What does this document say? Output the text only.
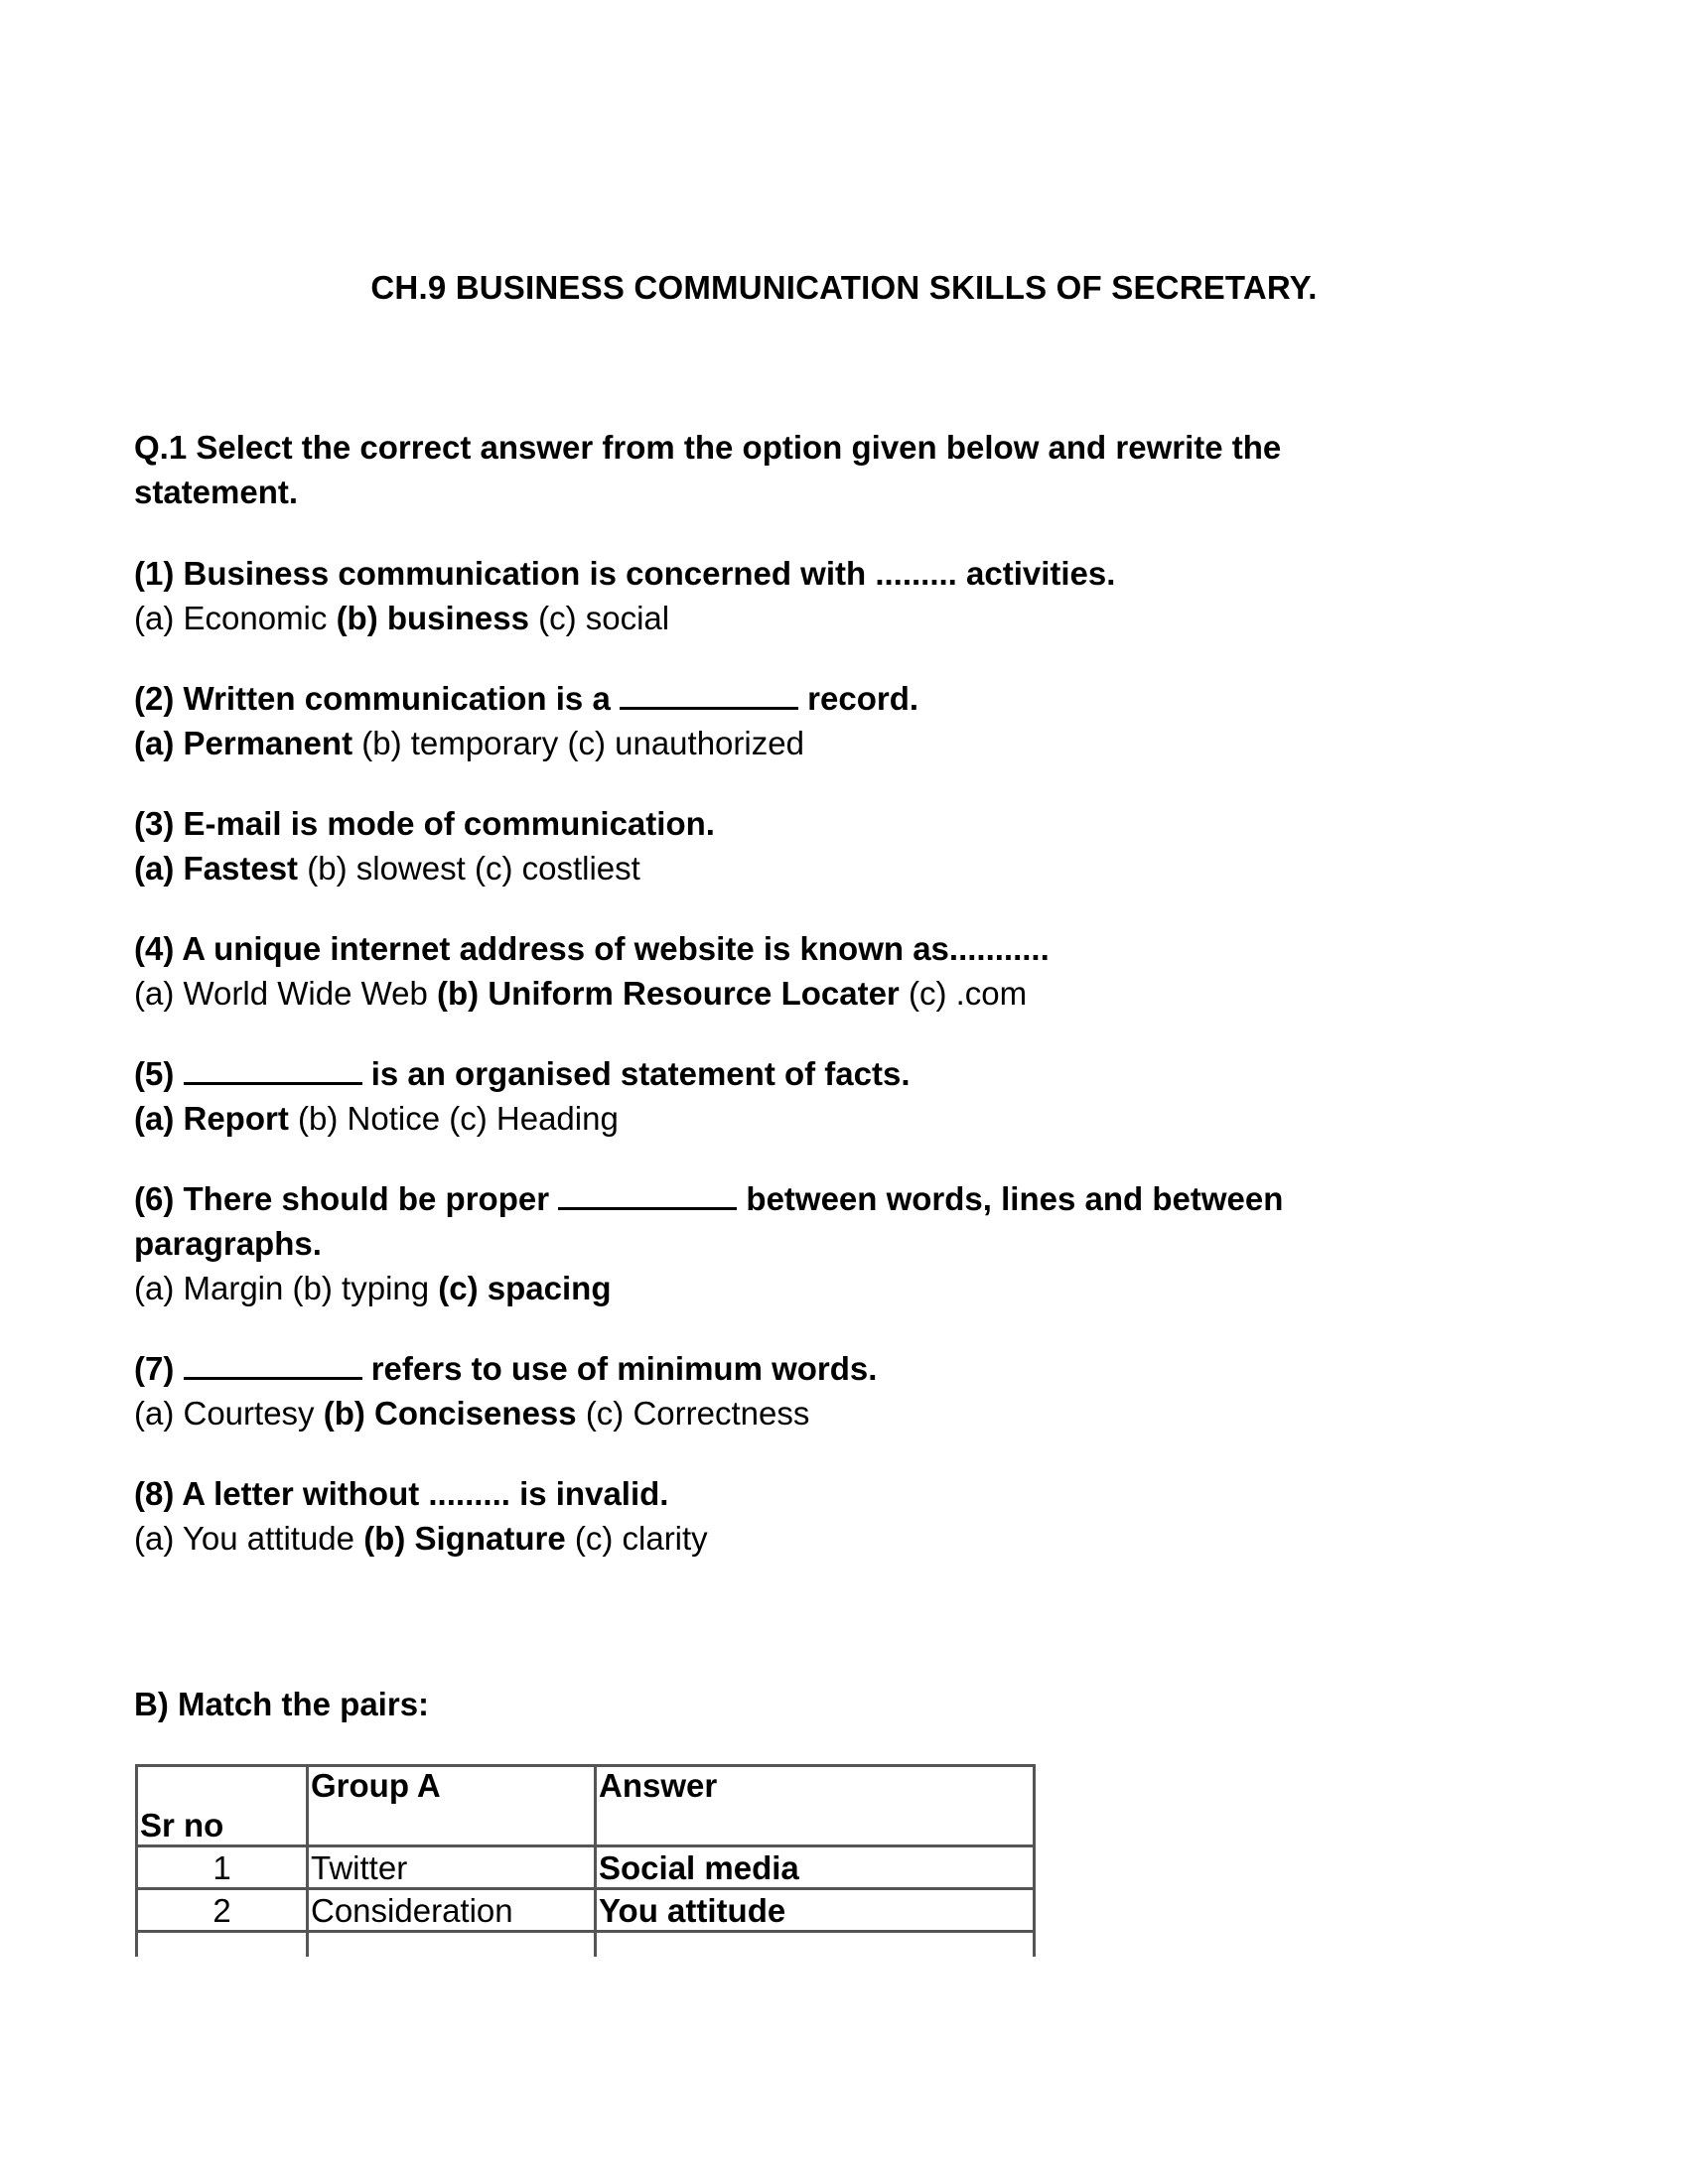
CH.9 BUSINESS COMMUNICATION SKILLS OF SECRETARY.
Q.1 Select the correct answer from the option given below and rewrite the
statement.
(1) Business communication is concerned with ......... activities.
(a) Economic (b) business (c) social
(2) Written communication is a	record.
(a) Permanent (b) temporary (c) unauthorized
(3) E-mail is mode of communication.
(a) Fastest (b) slowest (c) costliest
(4) A unique internet address of website is known as...........
(a) World Wide Web (b) Uniform Resource Locater (c) .com
(5)	is an organised statement of facts.
(a) Report (b) Notice (c) Heading
(6) There should be proper	between words, lines and between
paragraphs.
(a) Margin (b) typing (c) spacing
(7)	refers to use of minimum words.
(a) Courtesy (b) Conciseness (c) Correctness
(8) A letter without ......... is invalid.
(a) You attitude (b) Signature (c) clarity
B) Match the pairs:
Sr no	Group A	Answer
1	Twitter	Social media
2	Consideration	You attitude
